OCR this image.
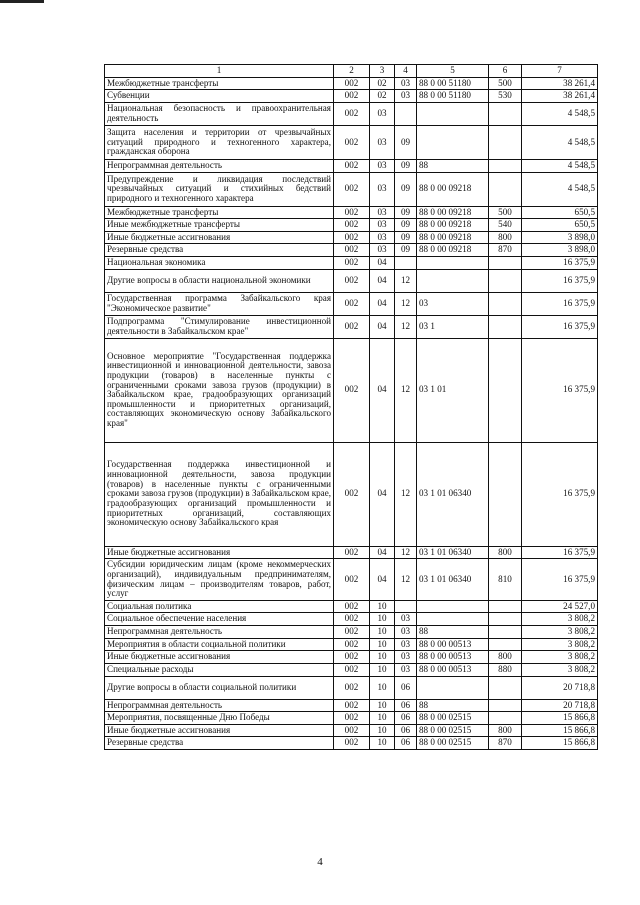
1	2	3	4	5	6	7
Межбюджетные трансферты	002	02	03	88 0 00 51180	500	38 261,4
Субвенции	002	02	03	88 0 00 51180	530	38 261,4
Национальная безопасность и правоохранительная деятельность	002	03				4 548,5
Защита населения и территории от чрезвычайных ситуаций природного и техногенного характера, гражданская оборона	002	03	09			4 548,5
Непрограммная деятельность	002	03	09	88		4 548,5
Предупреждение и ликвидация последствий чрезвычайных ситуаций и стихийных бедствий природного и техногенного характера	002	03	09	88 0 00 09218		4 548,5
Межбюджетные трансферты	002	03	09	88 0 00 09218	500	650,5
Иные межбюджетные трансферты	002	03	09	88 0 00 09218	540	650,5
Иные бюджетные ассигнования	002	03	09	88 0 00 09218	800	3 898,0
Резервные средства	002	03	09	88 0 00 09218	870	3 898,0
Национальная экономика	002	04				16 375,9
Другие вопросы в области национальной экономики	002	04	12			16 375,9
Государственная программа Забайкальского края "Экономическое развитие"	002	04	12	03		16 375,9
Подпрограмма "Стимулирование инвестиционной деятельности в Забайкальском крае"	002	04	12	03 1		16 375,9
Основное мероприятие "Государственная поддержка инвестиционной и инновационной деятельности, завоза продукции (товаров) в населенные пункты с ограниченными сроками завоза грузов (продукции) в Забайкальском крае, градообразующих организаций промышленности и приоритетных организаций, составляющих экономическую основу Забайкальского края"	002	04	12	03 1 01		16 375,9
Государственная поддержка инвестиционной и инновационной деятельности, завоза продукции (товаров) в населенные пункты с ограниченными сроками завоза грузов (продукции) в Забайкальском крае, градообразующих организаций промышленности и приоритетных организаций, составляющих экономическую основу Забайкальского края	002	04	12	03 1 01 06340		16 375,9
Иные бюджетные ассигнования	002	04	12	03 1 01 06340	800	16 375,9
Субсидии юридическим лицам (кроме некоммерческих организаций), индивидуальным предпринимателям, физическим лицам – производителям товаров, работ, услуг	002	04	12	03 1 01 06340	810	16 375,9
Социальная политика	002	10				24 527,0
Социальное обеспечение населения	002	10	03			3 808,2
Непрограммная деятельность	002	10	03	88		3 808,2
Мероприятия в области социальной политики	002	10	03	88 0 00 00513		3 808,2
Иные бюджетные ассигнования	002	10	03	88 0 00 00513	800	3 808,2
Специальные расходы	002	10	03	88 0 00 00513	880	3 808,2
Другие вопросы в области социальной политики	002	10	06			20 718,8
Непрограммная деятельность	002	10	06	88		20 718,8
Мероприятия, посвященные Дню Победы	002	10	06	88 0 00 02515		15 866,8
Иные бюджетные ассигнования	002	10	06	88 0 00 02515	800	15 866,8
Резервные средства	002	10	06	88 0 00 02515	870	15 866,8
4
